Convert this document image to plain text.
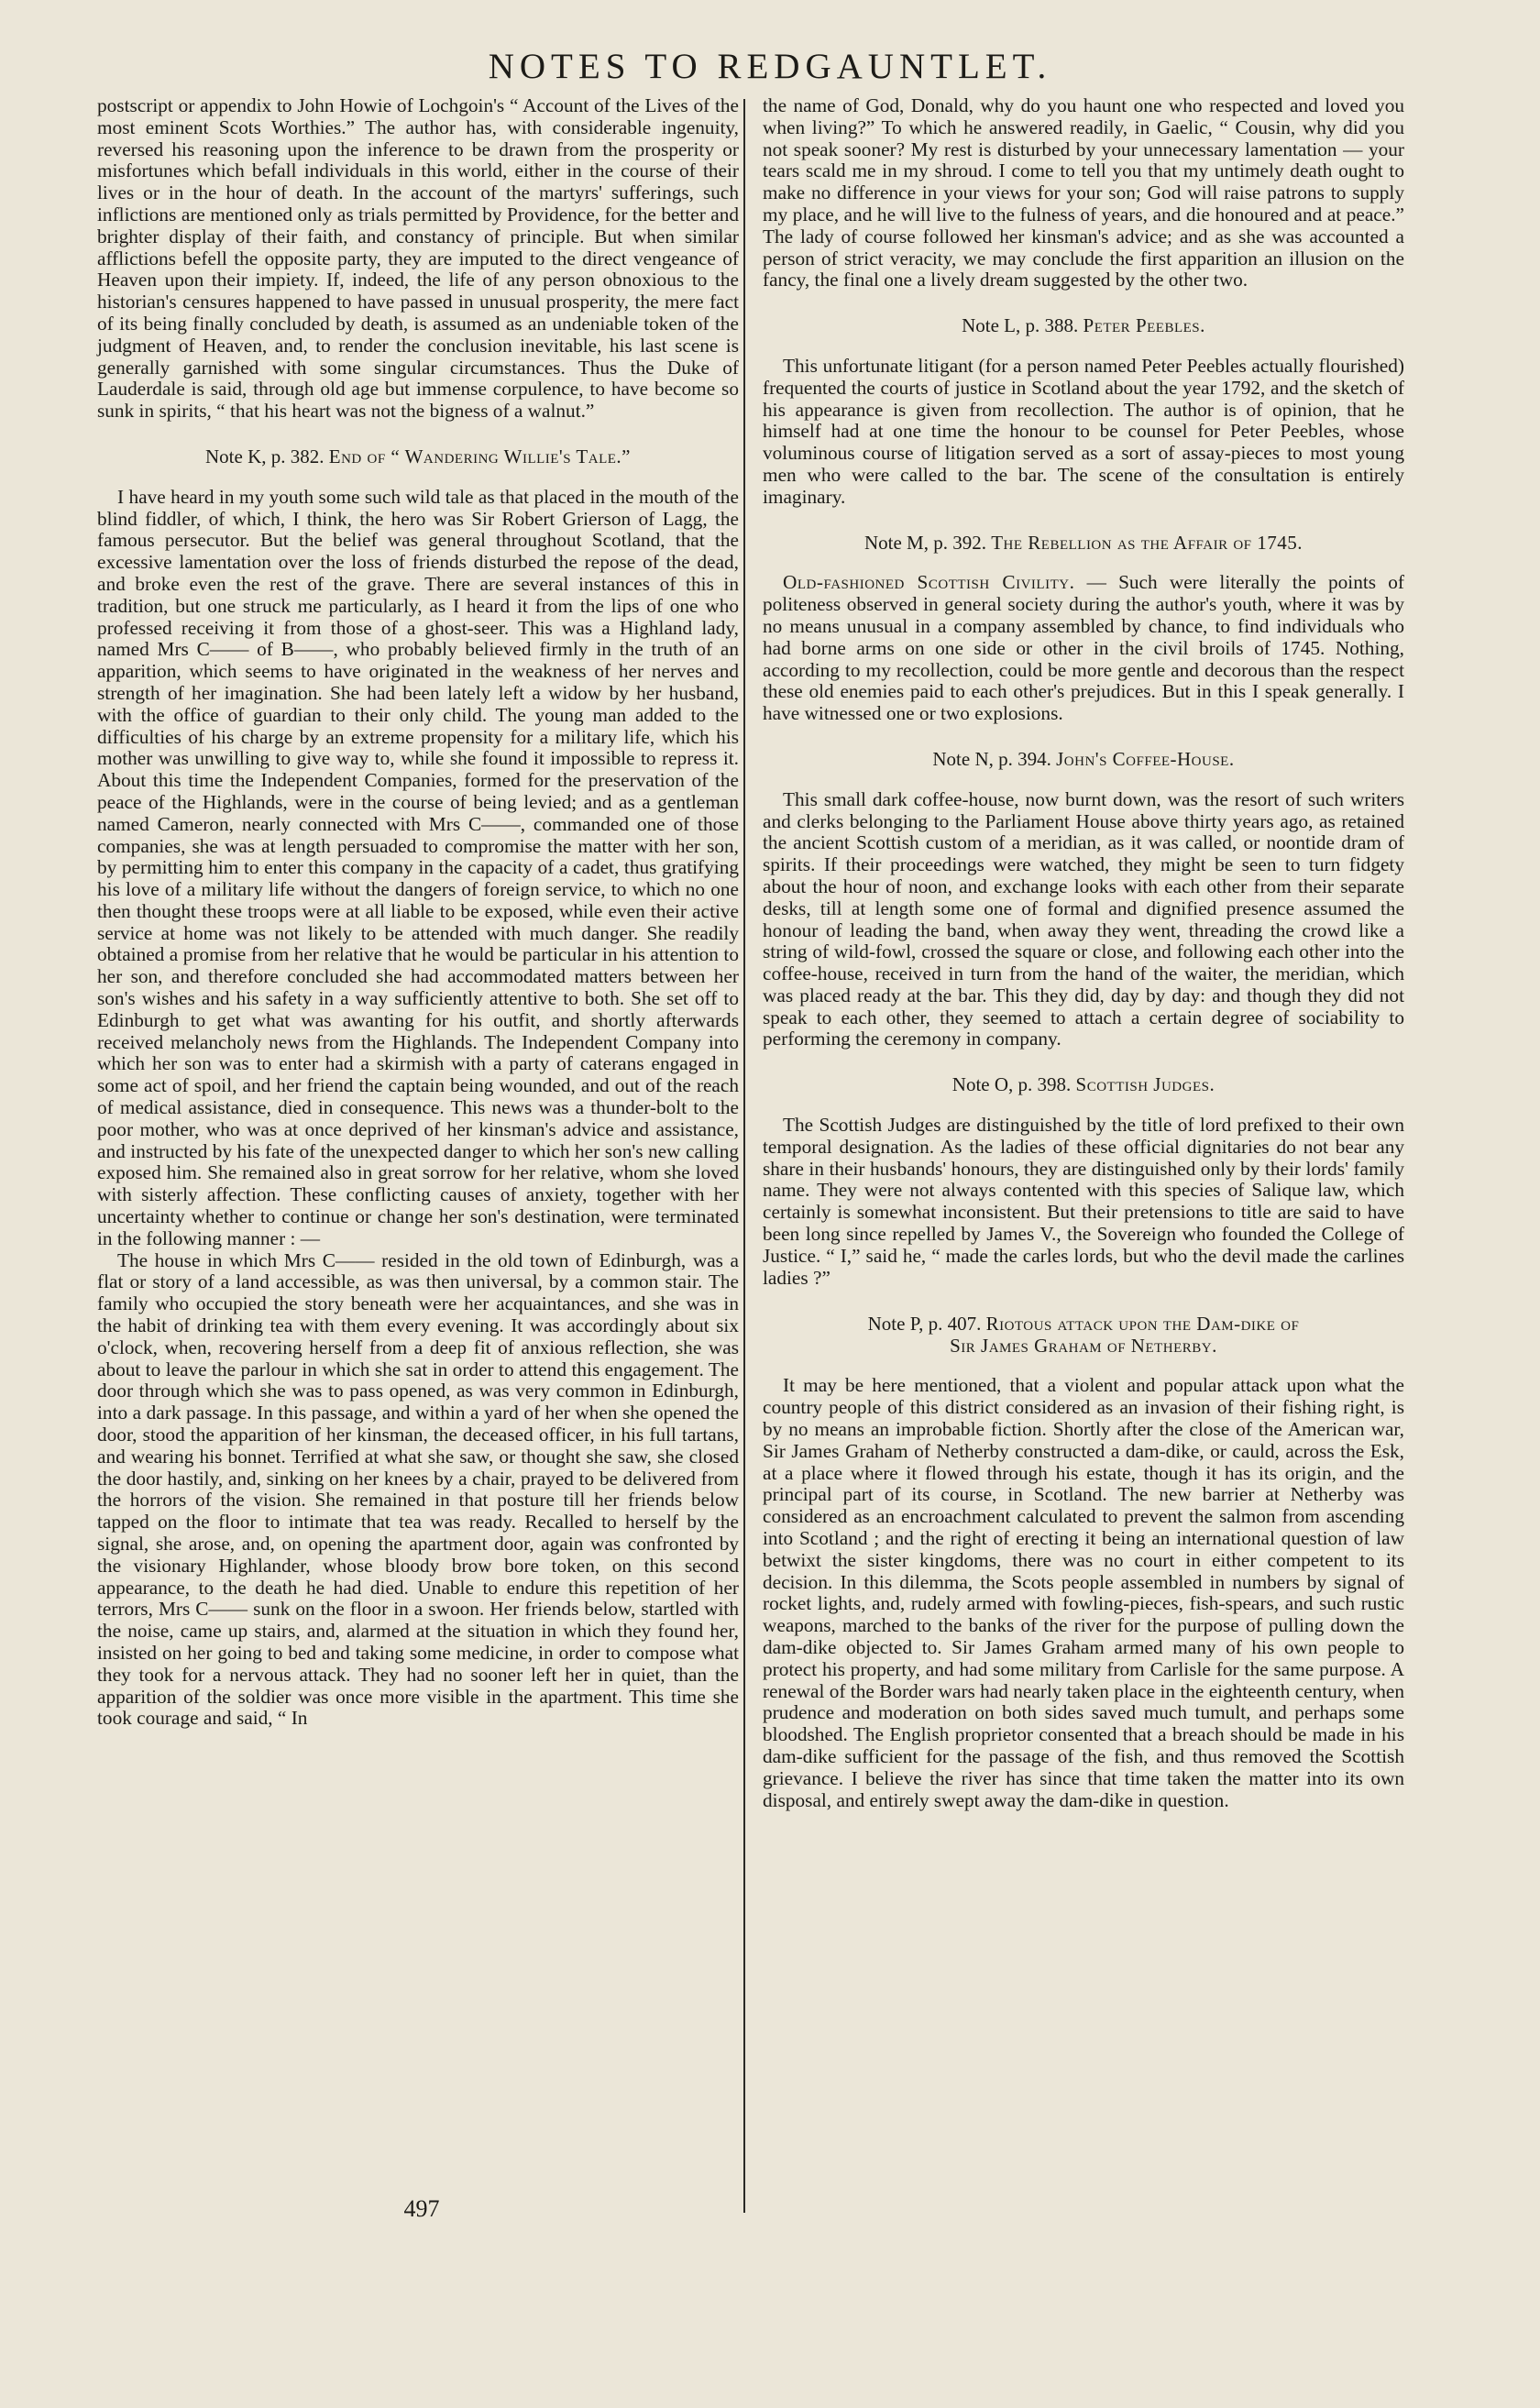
NOTES TO REDGAUNTLET.

postscript or appendix to John Howie of Lochgoin's “ Account of the Lives of the most eminent Scots Worthies.” The author has, with considerable ingenuity, reversed his reasoning upon the inference to be drawn from the prosperity or misfortunes which befall individuals in this world, either in the course of their lives or in the hour of death. In the account of the martyrs' sufferings, such inflictions are mentioned only as trials permitted by Providence, for the better and brighter display of their faith, and constancy of principle. But when similar afflictions befell the opposite party, they are imputed to the direct vengeance of Heaven upon their impiety. If, indeed, the life of any person obnoxious to the historian's censures happened to have passed in unusual prosperity, the mere fact of its being finally concluded by death, is assumed as an undeniable token of the judgment of Heaven, and, to render the conclusion inevitable, his last scene is generally garnished with some singular circumstances. Thus the Duke of Lauderdale is said, through old age but immense corpulence, to have become so sunk in spirits, “ that his heart was not the bigness of a walnut.”

Note K, p. 382. End of “ Wandering Willie's Tale.”

I have heard in my youth some such wild tale as that placed in the mouth of the blind fiddler, of which, I think, the hero was Sir Robert Grierson of Lagg, the famous persecutor. But the belief was general throughout Scotland, that the excessive lamentation over the loss of friends disturbed the repose of the dead, and broke even the rest of the grave. There are several instances of this in tradition, but one struck me particularly, as I heard it from the lips of one who professed receiving it from those of a ghost-seer. This was a Highland lady, named Mrs C—— of B——, who probably believed firmly in the truth of an apparition, which seems to have originated in the weakness of her nerves and strength of her imagination. She had been lately left a widow by her husband, with the office of guardian to their only child. The young man added to the difficulties of his charge by an extreme propensity for a military life, which his mother was unwilling to give way to, while she found it impossible to repress it. About this time the Independent Companies, formed for the preservation of the peace of the Highlands, were in the course of being levied; and as a gentleman named Cameron, nearly connected with Mrs C——, commanded one of those companies, she was at length persuaded to compromise the matter with her son, by permitting him to enter this company in the capacity of a cadet, thus gratifying his love of a military life without the dangers of foreign service, to which no one then thought these troops were at all liable to be exposed, while even their active service at home was not likely to be attended with much danger. She readily obtained a promise from her relative that he would be particular in his attention to her son, and therefore concluded she had accommodated matters between her son's wishes and his safety in a way sufficiently attentive to both. She set off to Edinburgh to get what was awanting for his outfit, and shortly afterwards received melancholy news from the Highlands. The Independent Company into which her son was to enter had a skirmish with a party of caterans engaged in some act of spoil, and her friend the captain being wounded, and out of the reach of medical assistance, died in consequence. This news was a thunder-bolt to the poor mother, who was at once deprived of her kinsman's advice and assistance, and instructed by his fate of the unexpected danger to which her son's new calling exposed him. She remained also in great sorrow for her relative, whom she loved with sisterly affection. These conflicting causes of anxiety, together with her uncertainty whether to continue or change her son's destination, were terminated in the following manner : —

The house in which Mrs C—— resided in the old town of Edinburgh, was a flat or story of a land accessible, as was then universal, by a common stair. The family who occupied the story beneath were her acquaintances, and she was in the habit of drinking tea with them every evening. It was accordingly about six o'clock, when, recovering herself from a deep fit of anxious reflection, she was about to leave the parlour in which she sat in order to attend this engagement. The door through which she was to pass opened, as was very common in Edinburgh, into a dark passage. In this passage, and within a yard of her when she opened the door, stood the apparition of her kinsman, the deceased officer, in his full tartans, and wearing his bonnet. Terrified at what she saw, or thought she saw, she closed the door hastily, and, sinking on her knees by a chair, prayed to be delivered from the horrors of the vision. She remained in that posture till her friends below tapped on the floor to intimate that tea was ready. Recalled to herself by the signal, she arose, and, on opening the apartment door, again was confronted by the visionary Highlander, whose bloody brow bore token, on this second appearance, to the death he had died. Unable to endure this repetition of her terrors, Mrs C—— sunk on the floor in a swoon. Her friends below, startled with the noise, came up stairs, and, alarmed at the situation in which they found her, insisted on her going to bed and taking some medicine, in order to compose what they took for a nervous attack. They had no sooner left her in quiet, than the apparition of the soldier was once more visible in the apartment. This time she took courage and said, “ In

the name of God, Donald, why do you haunt one who respected and loved you when living?” To which he answered readily, in Gaelic, “ Cousin, why did you not speak sooner? My rest is disturbed by your unnecessary lamentation — your tears scald me in my shroud. I come to tell you that my untimely death ought to make no difference in your views for your son; God will raise patrons to supply my place, and he will live to the fulness of years, and die honoured and at peace.” The lady of course followed her kinsman's advice; and as she was accounted a person of strict veracity, we may conclude the first apparition an illusion on the fancy, the final one a lively dream suggested by the other two.

Note L, p. 388. Peter Peebles.

This unfortunate litigant (for a person named Peter Peebles actually flourished) frequented the courts of justice in Scotland about the year 1792, and the sketch of his appearance is given from recollection. The author is of opinion, that he himself had at one time the honour to be counsel for Peter Peebles, whose voluminous course of litigation served as a sort of assay-pieces to most young men who were called to the bar. The scene of the consultation is entirely imaginary.

Note M, p. 392. The Rebellion as the Affair of 1745.

Old-fashioned Scottish Civility. — Such were literally the points of politeness observed in general society during the author's youth, where it was by no means unusual in a company assembled by chance, to find individuals who had borne arms on one side or other in the civil broils of 1745. Nothing, according to my recollection, could be more gentle and decorous than the respect these old enemies paid to each other's prejudices. But in this I speak generally. I have witnessed one or two explosions.

Note N, p. 394. John's Coffee-House.

This small dark coffee-house, now burnt down, was the resort of such writers and clerks belonging to the Parliament House above thirty years ago, as retained the ancient Scottish custom of a meridian, as it was called, or noontide dram of spirits. If their proceedings were watched, they might be seen to turn fidgety about the hour of noon, and exchange looks with each other from their separate desks, till at length some one of formal and dignified presence assumed the honour of leading the band, when away they went, threading the crowd like a string of wild-fowl, crossed the square or close, and following each other into the coffee-house, received in turn from the hand of the waiter, the meridian, which was placed ready at the bar. This they did, day by day: and though they did not speak to each other, they seemed to attach a certain degree of sociability to performing the ceremony in company.

Note O, p. 398. Scottish Judges.

The Scottish Judges are distinguished by the title of lord prefixed to their own temporal designation. As the ladies of these official dignitaries do not bear any share in their husbands' honours, they are distinguished only by their lords' family name. They were not always contented with this species of Salique law, which certainly is somewhat inconsistent. But their pretensions to title are said to have been long since repelled by James V., the Sovereign who founded the College of Justice. “ I,” said he, “ made the carles lords, but who the devil made the carlines ladies ?”

Note P, p. 407. Riotous attack upon the Dam-dike of
Sir James Graham of Netherby.

It may be here mentioned, that a violent and popular attack upon what the country people of this district considered as an invasion of their fishing right, is by no means an improbable fiction. Shortly after the close of the American war, Sir James Graham of Netherby constructed a dam-dike, or cauld, across the Esk, at a place where it flowed through his estate, though it has its origin, and the principal part of its course, in Scotland. The new barrier at Netherby was considered as an encroachment calculated to prevent the salmon from ascending into Scotland ; and the right of erecting it being an international question of law betwixt the sister kingdoms, there was no court in either competent to its decision. In this dilemma, the Scots people assembled in numbers by signal of rocket lights, and, rudely armed with fowling-pieces, fish-spears, and such rustic weapons, marched to the banks of the river for the purpose of pulling down the dam-dike objected to. Sir James Graham armed many of his own people to protect his property, and had some military from Carlisle for the same purpose. A renewal of the Border wars had nearly taken place in the eighteenth century, when prudence and moderation on both sides saved much tumult, and perhaps some bloodshed. The English proprietor consented that a breach should be made in his dam-dike sufficient for the passage of the fish, and thus removed the Scottish grievance. I believe the river has since that time taken the matter into its own disposal, and entirely swept away the dam-dike in question.

497
